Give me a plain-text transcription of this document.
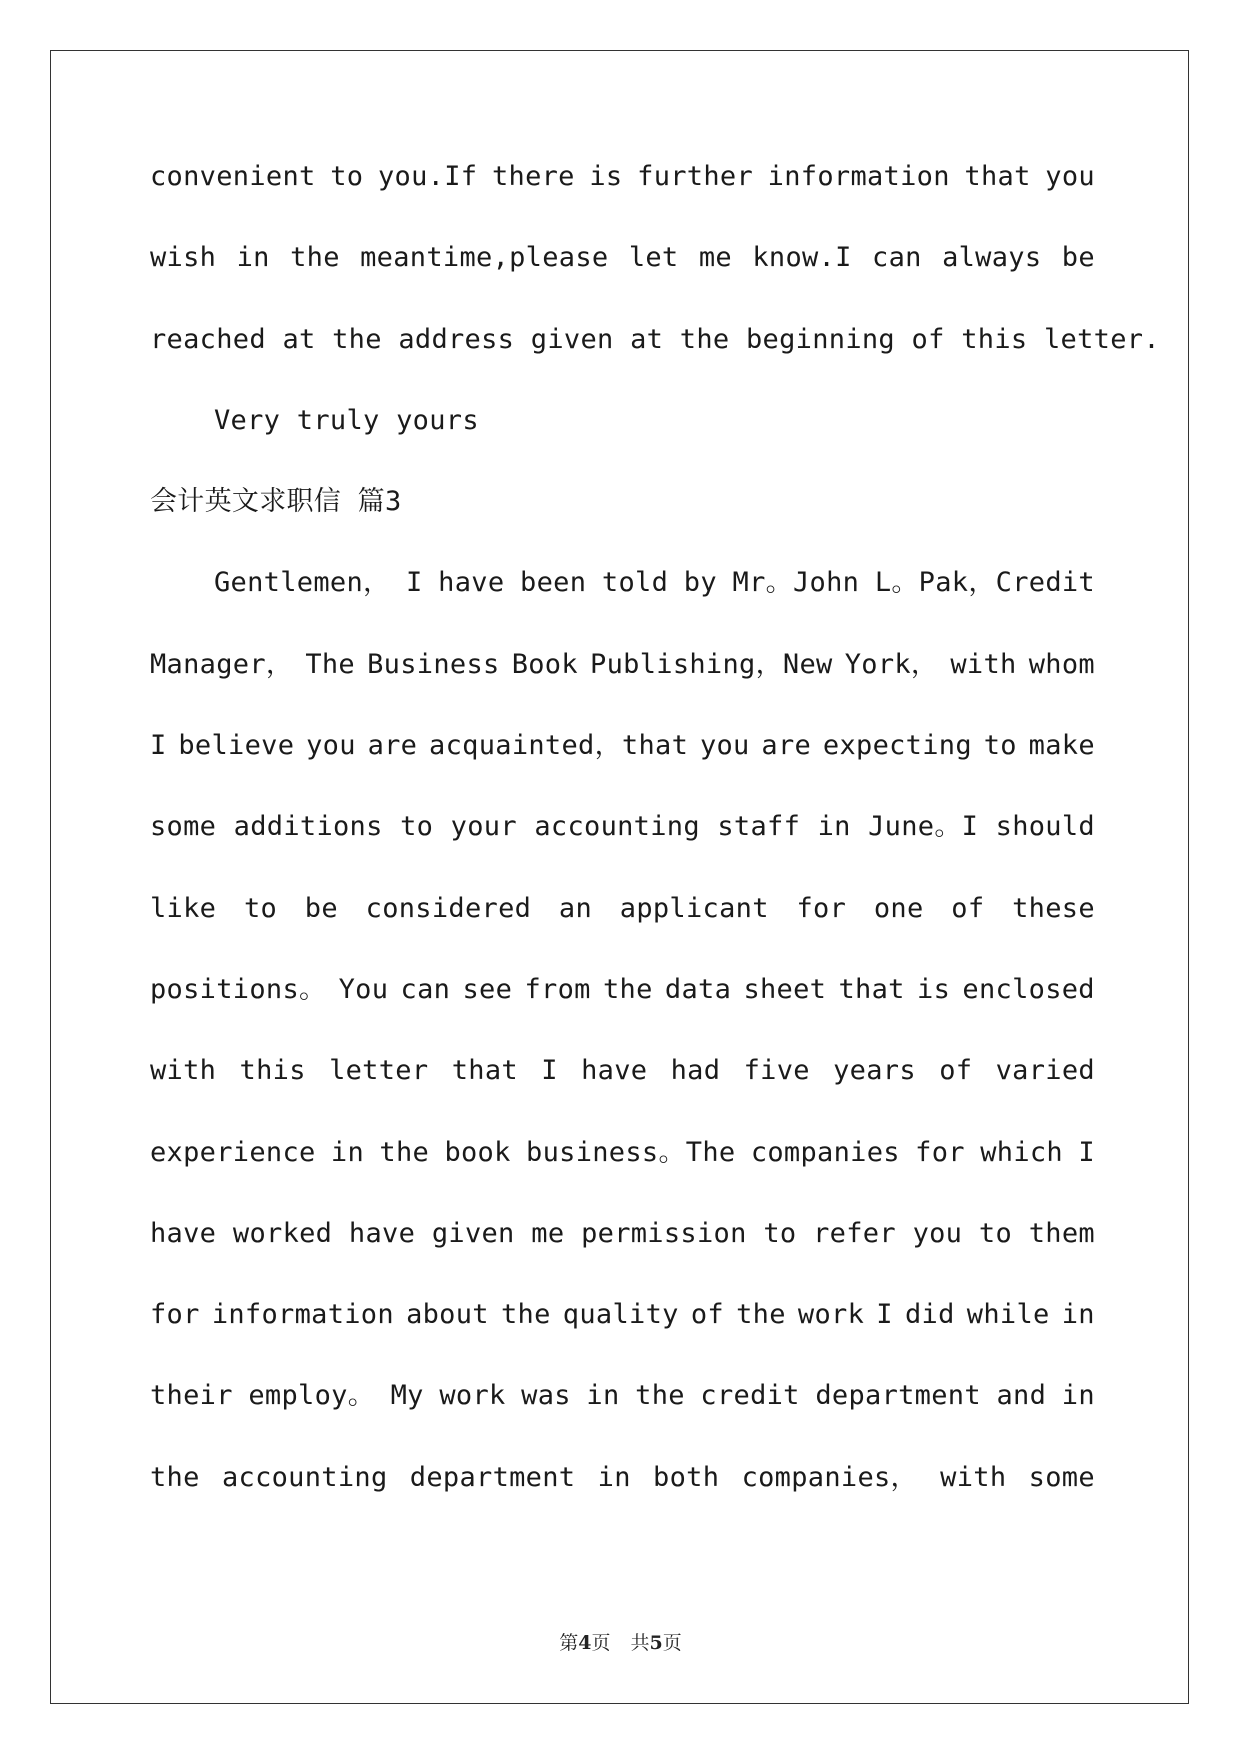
convenient to you.If there is further information that you
wish in the meantime,please let me know.I can always be
reached at the address given at the beginning of this letter.
Very truly yours
会计英文求职信 篇3
Gentlemen， I have been told by Mr。John L。Pak，Credit
Manager， The Business Book Publishing，New York， with whom
I believe you are acquainted，that you are expecting to make
some additions to your accounting staff in June。I should
like to be considered an applicant for one of these
positions。 You can see from the data sheet that is enclosed
with this letter that I have had five years of varied
experience in the book business。The companies for which I
have worked have given me permission to refer you to them
for information about the quality of the work I did while in
their employ。 My work was in the credit department and in
the accounting department in both companies， with some
第4页 共5页
